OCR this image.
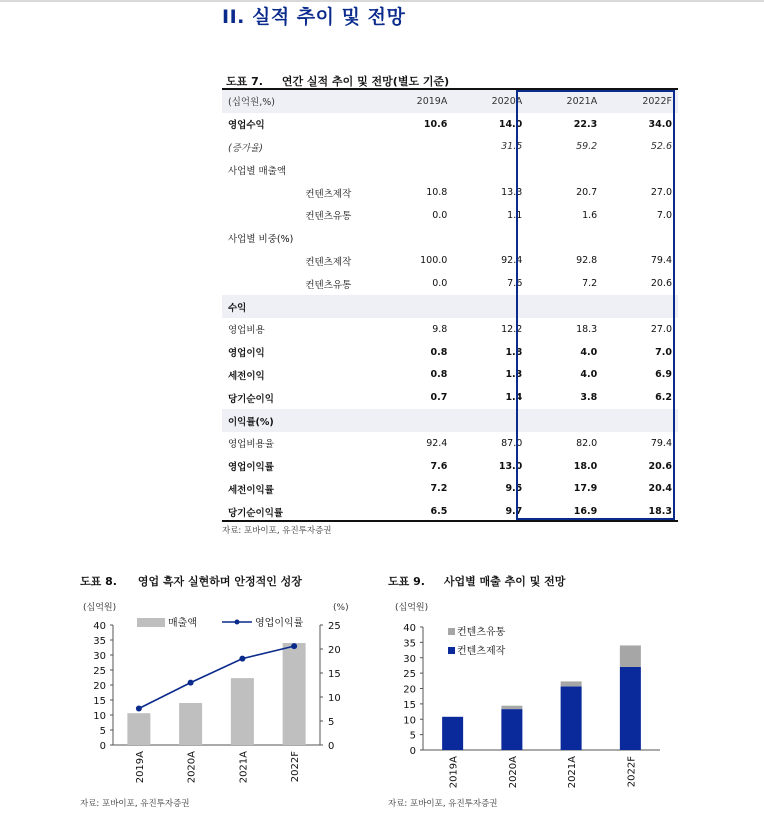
II. 실적 추이 및 전망
도표 7. 연간 실적 추이 및 전망(별도 기준)
(십억원,%)		2019A	2020A	2021A	2022F
영업수익		10.6	14.0	22.3	34.0
(증가율)			31.5	59.2	52.6
사업별 매출액					
	컨텐츠제작	10.8	13.3	20.7	27.0
	컨텐츠유통	0.0	1.1	1.6	7.0
사업별 비중(%)					
	컨텐츠제작	100.0	92.4	92.8	79.4
	컨텐츠유통	0.0	7.6	7.2	20.6
수익					
영업비용		9.8	12.2	18.3	27.0
영업이익		0.8	1.8	4.0	7.0
세전이익		0.8	1.3	4.0	6.9
당기순이익		0.7	1.4	3.8	6.2
이익률(%)					
영업비용율		92.4	87.0	82.0	79.4
영업이익률		7.6	13.0	18.0	20.6
세전이익률		7.2	9.5	17.9	20.4
당기순이익률		6.5	9.7	16.9	18.3
자료: 포바이포, 유진투자증권
도표 8. 영업 흑자 실현하며 안정적인 성장
(십억원)	(%)
0
5
10
15
20
25
30
35
40
0
5
10
15
20
25
2019A	2020A	2021A	2022F
매출액	영업이익률
자료: 포바이포, 유진투자증권
도표 9. 사업별 매출 추이 및 전망
(십억원)
0
5
10
15
20
25
30
35
40
2019A	2020A	2021A	2022F
컨텐츠유통
컨텐츠제작
자료: 포바이포, 유진투자증권
